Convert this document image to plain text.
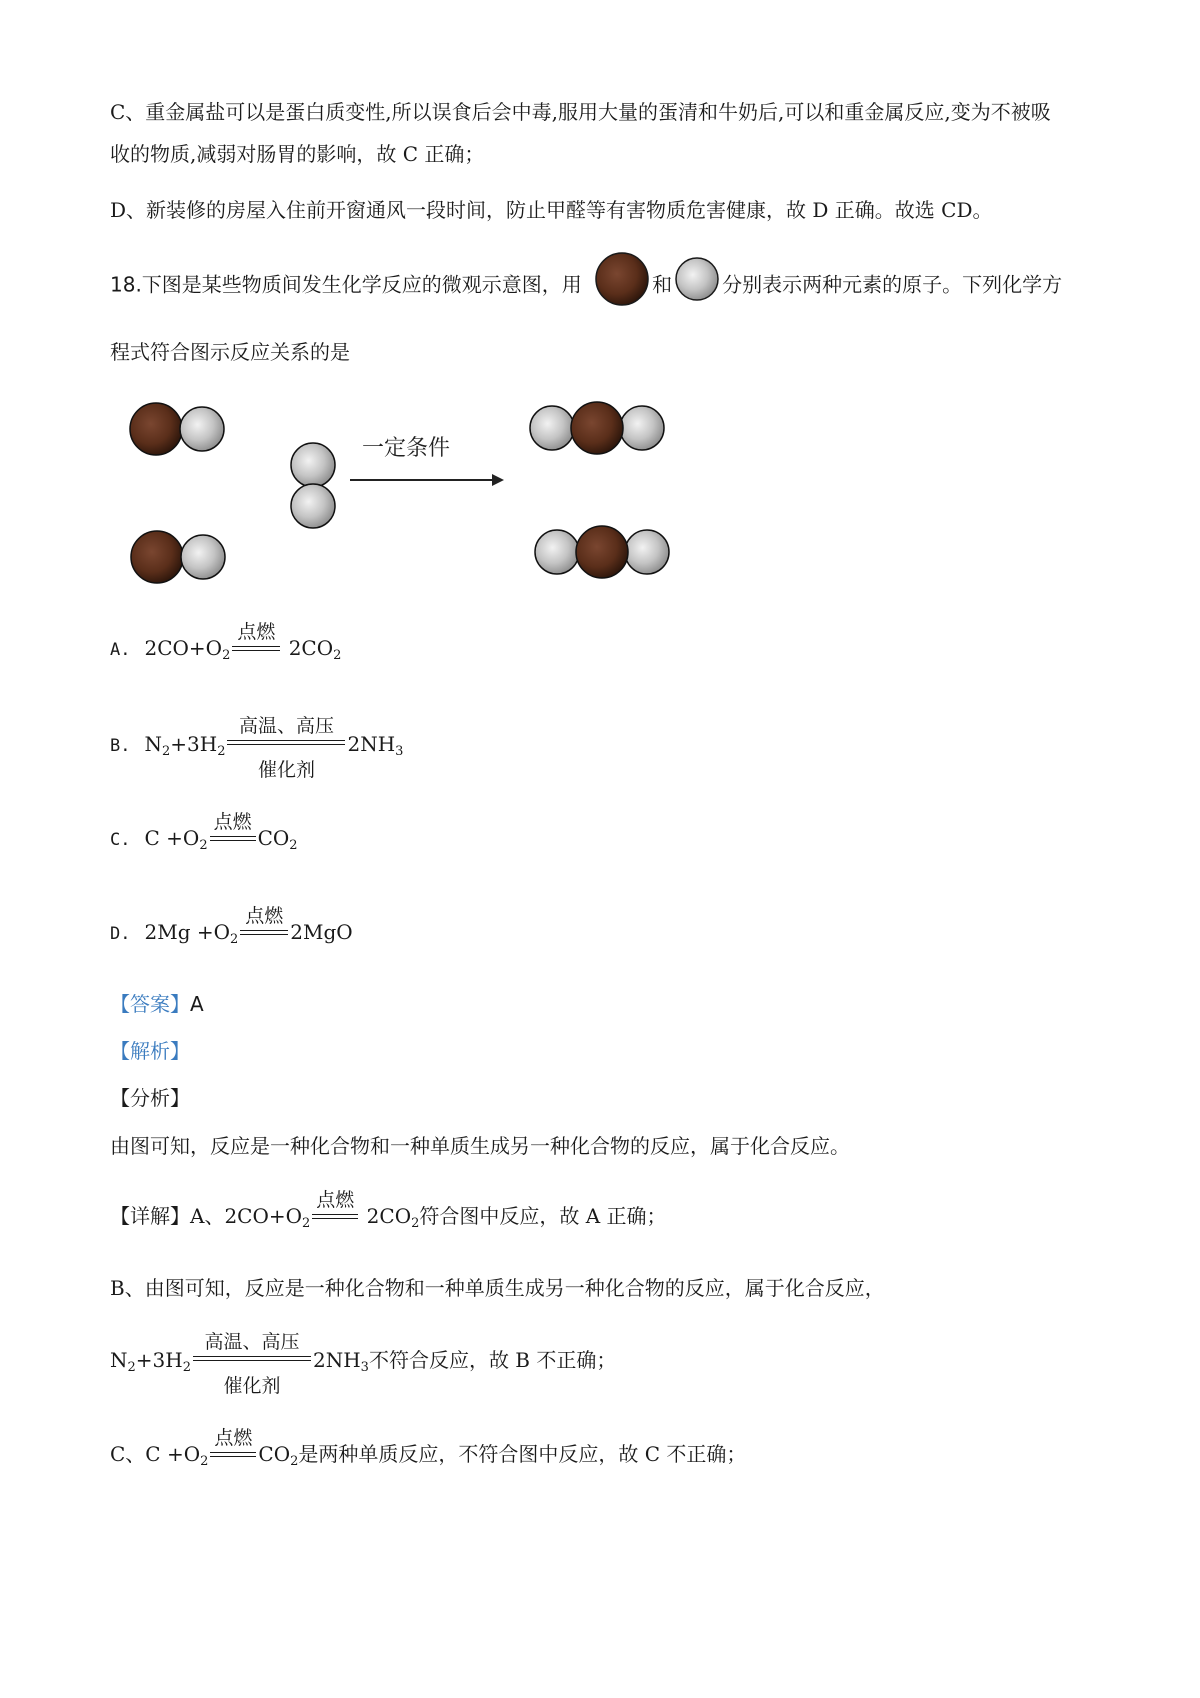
C、重金属盐可以是蛋白质变性,所以误食后会中毒,服用大量的蛋清和牛奶后,可以和重金属反应,变为不被吸
收的物质,减弱对肠胃的影响，故 C 正确；
D、新装修的房屋入住前开窗通风一段时间，防止甲醛等有害物质危害健康，故 D 正确。故选 CD。
18.下图是某些物质间发生化学反应的微观示意图，用	和	分别表示两种元素的原子。下列化学方
程式符合图示反应关系的是
一定条件
A. $2CO+O_2$
点燃
$2CO_2$
B. $N_2+3H_2$
高温、高压
催化剂
$2NH_3$
C. $C +O_2$
点燃
$CO_2$
D. $2Mg +O_2$
点燃
2MgO
【答案】A
【解析】
【分析】
由图可知，反应是一种化合物和一种单质生成另一种化合物的反应，属于化合反应。
【详解】A、$2CO+O_2$
点燃
$2CO_2$符合图中反应，故 A 正确；
B、由图可知，反应是一种化合物和一种单质生成另一种化合物的反应，属于化合反应，
$N_2+3H_2$
高温、高压
催化剂
$2NH_3$不符合反应，故 B 不正确；
C、$C +O_2$
点燃
$CO_2$是两种单质反应，不符合图中反应，故 C 不正确；
